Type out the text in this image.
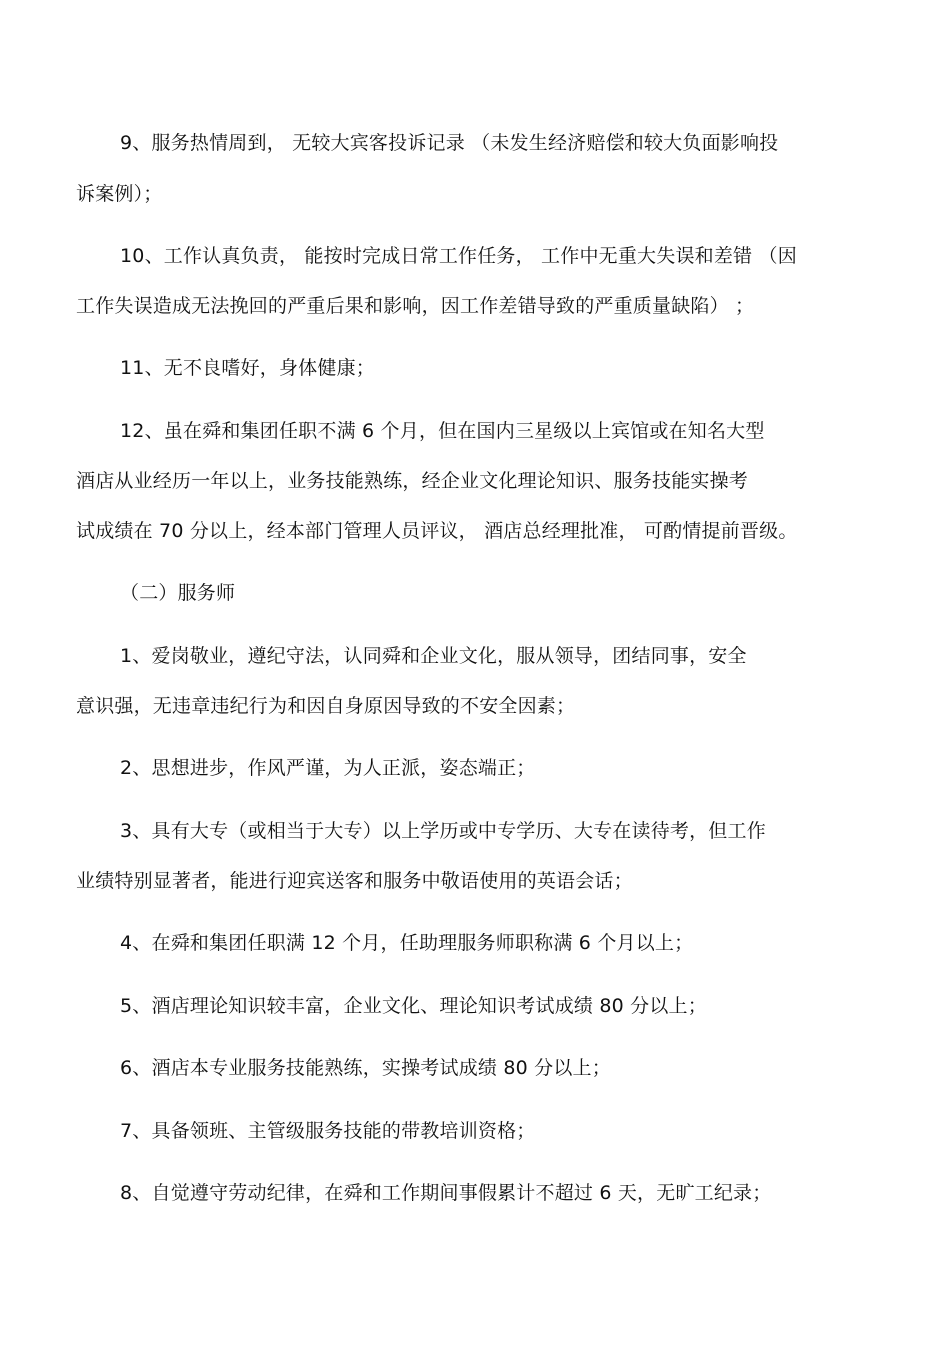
9、服务热情周到， 无较大宾客投诉记录 （未发生经济赔偿和较大负面影响投
诉案例）；
10、工作认真负责， 能按时完成日常工作任务， 工作中无重大失误和差错 （因
工作失误造成无法挽回的严重后果和影响，因工作差错导致的严重质量缺陷） ；
11、无不良嗜好，身体健康；
12、虽在舜和集团任职不满 6 个月，但在国内三星级以上宾馆或在知名大型
酒店从业经历一年以上，业务技能熟练，经企业文化理论知识、服务技能实操考
试成绩在 70 分以上，经本部门管理人员评议， 酒店总经理批准， 可酌情提前晋级。
（二）服务师
1、爱岗敬业，遵纪守法，认同舜和企业文化，服从领导，团结同事，安全
意识强，无违章违纪行为和因自身原因导致的不安全因素；
2、思想进步，作风严谨，为人正派，姿态端正；
3、具有大专（或相当于大专）以上学历或中专学历、大专在读待考，但工作
业绩特别显著者，能进行迎宾送客和服务中敬语使用的英语会话；
4、在舜和集团任职满 12 个月，任助理服务师职称满 6 个月以上；
5、酒店理论知识较丰富，企业文化、理论知识考试成绩 80 分以上；
6、酒店本专业服务技能熟练，实操考试成绩 80 分以上；
7、具备领班、主管级服务技能的带教培训资格；
8、自觉遵守劳动纪律，在舜和工作期间事假累计不超过 6 天，无旷工纪录；
